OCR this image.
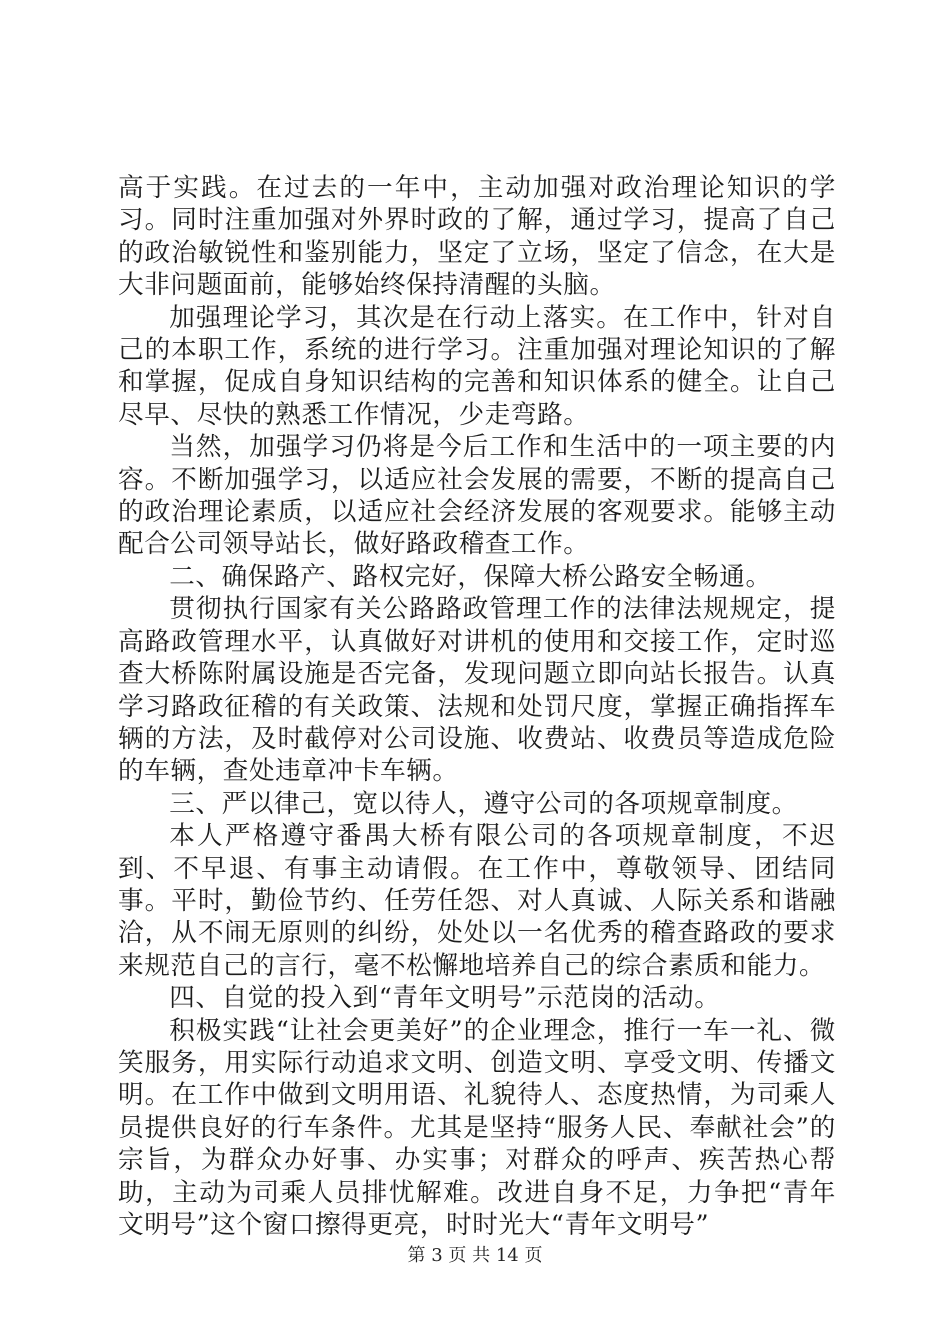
高于实践。在过去的一年中，主动加强对政治理论知识的学习。同时注重加强对外界时政的了解，通过学习，提高了自己的政治敏锐性和鉴别能力，坚定了立场，坚定了信念，在大是大非问题面前，能够始终保持清醒的头脑。

加强理论学习，其次是在行动上落实。在工作中，针对自己的本职工作，系统的进行学习。注重加强对理论知识的了解和掌握，促成自身知识结构的完善和知识体系的健全。让自己尽早、尽快的熟悉工作情况，少走弯路。

当然，加强学习仍将是今后工作和生活中的一项主要的内容。不断加强学习，以适应社会发展的需要，不断的提高自己的政治理论素质，以适应社会经济发展的客观要求。能够主动配合公司领导站长，做好路政稽查工作。

二、确保路产、路权完好，保障大桥公路安全畅通。

贯彻执行国家有关公路路政管理工作的法律法规规定，提高路政管理水平，认真做好对讲机的使用和交接工作，定时巡查大桥陈附属设施是否完备，发现问题立即向站长报告。认真学习路政征稽的有关政策、法规和处罚尺度，掌握正确指挥车辆的方法，及时截停对公司设施、收费站、收费员等造成危险的车辆，查处违章冲卡车辆。

三、严以律己，宽以待人，遵守公司的各项规章制度。

本人严格遵守番禺大桥有限公司的各项规章制度，不迟到、不早退、有事主动请假。在工作中，尊敬领导、团结同事。平时，勤俭节约、任劳任怨、对人真诚、人际关系和谐融洽，从不闹无原则的纠纷，处处以一名优秀的稽查路政的要求来规范自己的言行，毫不松懈地培养自己的综合素质和能力。

四、自觉的投入到“青年文明号”示范岗的活动。

积极实践“让社会更美好”的企业理念，推行一车一礼、微笑服务，用实际行动追求文明、创造文明、享受文明、传播文明。在工作中做到文明用语、礼貌待人、态度热情，为司乘人员提供良好的行车条件。尤其是坚持“服务人民、奉献社会”的宗旨，为群众办好事、办实事；对群众的呼声、疾苦热心帮助，主动为司乘人员排忧解难。改进自身不足，力争把“青年文明号”这个窗口擦得更亮，时时光大“青年文明号”

第 3 页 共 14 页
